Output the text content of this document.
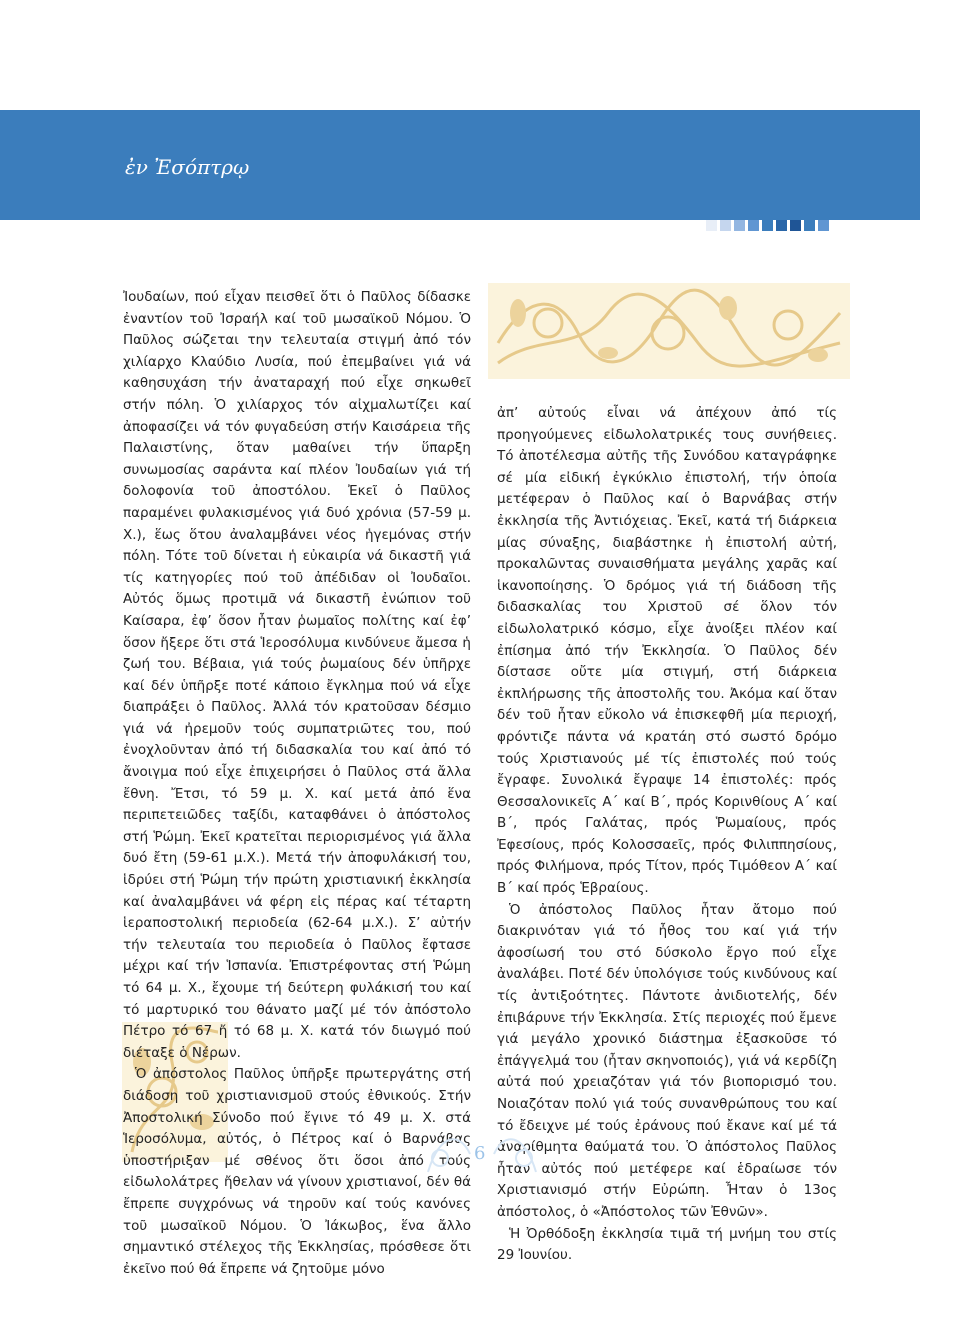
ἐν Ἐσόπτρῳ

Ἰουδαίων, πού εἶχαν πεισθεῖ ὅτι ὁ Παῦλος δίδασκε ἐναντίον τοῦ Ἰσραήλ καί τοῦ μωσαϊκοῦ Νόμου. Ὁ Παῦλος σώζεται την τελευταία στιγμή ἀπό τόν χιλίαρχο Κλαύδιο Λυσία, πού ἐπεμβαίνει γιά νά καθησυχάση τήν ἀναταραχή πού εἶχε σηκωθεῖ στήν πόλη. Ὁ χιλίαρχος τόν αἰχμαλωτίζει καί ἀποφασίζει νά τόν φυγαδεύση στήν Καισάρεια τῆς Παλαιστίνης, ὅταν μαθαίνει τήν ὕπαρξη συνωμοσίας σαράντα καί πλέον Ἰουδαίων γιά τή δολοφονία τοῦ ἀποστόλου. Ἐκεῖ ὁ Παῦλος παραμένει φυλακισμένος γιά δυό χρόνια (57-59 μ. Χ.), ἕως ὅτου ἀναλαμβάνει νέος ἡγεμόνας στήν πόλη. Τότε τοῦ δίνεται ἡ εὐκαιρία νά δικαστῆ γιά τίς κατηγορίες πού τοῦ ἀπέδιδαν οἱ Ἰουδαῖοι. Αὐτός ὅμως προτιμᾶ νά δικαστῆ ἐνώπιον τοῦ Καίσαρα, ἐφ’ ὅσον ἦταν ῥωμαῖος πολίτης καί ἐφ’ ὅσον ἤξερε ὅτι στά Ἱεροσόλυμα κινδύνευε ἄμεσα ἡ ζωή του. Βέβαια, γιά τούς ῥωμαίους δέν ὑπῆρχε καί δέν ὑπῆρξε ποτέ κάποιο ἔγκλημα πού νά εἶχε διαπράξει ὁ Παῦλος. Ἀλλά τόν κρατοῦσαν δέσμιο γιά νά ἠρεμοῦν τούς συμπατριῶτες του, πού ἐνοχλοῦνταν ἀπό τή διδασκαλία του καί ἀπό τό ἄνοιγμα πού εἶχε ἐπιχειρήσει ὁ Παῦλος στά ἄλλα ἔθνη. Ἔτσι, τό 59 μ. Χ. καί μετά ἀπό ἕνα περιπετειῶδες ταξίδι, καταφθάνει ὁ ἀπόστολος στή Ῥώμη. Ἐκεῖ κρατεῖται περιορισμένος γιά ἄλλα δυό ἔτη (59-61 μ.Χ.). Μετά τήν ἀποφυλάκισή του, ἱδρύει στή Ῥώμη τήν πρώτη χριστιανική ἐκκλησία καί ἀναλαμβάνει νά φέρη εἰς πέρας καί τέταρτη ἱεραποστολική περιοδεία (62-64 μ.Χ.). Σ’ αὐτήν τήν τελευταία του περιοδεία ὁ Παῦλος ἔφτασε μέχρι καί τήν Ἱσπανία. Ἐπιστρέφοντας στή Ῥώμη τό 64 μ. Χ., ἔχουμε τή δεύτερη φυλάκισή του καί τό μαρτυρικό του θάνατο μαζί μέ τόν ἀπόστολο Πέτρο τό 67 ἤ τό 68 μ. Χ. κατά τόν διωγμό πού διέταξε ὁ Νέρων.

Ὁ ἀπόστολος Παῦλος ὑπῆρξε πρωτεργάτης στή διάδοση τοῦ χριστιανισμοῦ στούς ἐθνικούς. Στήν Ἀποστολική Σύνοδο πού ἔγινε τό 49 μ. Χ. στά Ἱεροσόλυμα, αὐτός, ὁ Πέτρος καί ὁ Βαρνάβας ὑποστήριξαν μέ σθένος ὅτι ὅσοι ἀπό τούς εἰδωλολάτρες ἤθελαν νά γίνουν χριστιανοί, δέν θά ἔπρεπε συγχρόνως νά τηροῦν καί τούς κανόνες τοῦ μωσαϊκοῦ Νόμου. Ὁ Ἰάκωβος, ἕνα ἄλλο σημαντικό στέλεχος τῆς Ἐκκλησίας, πρόσθεσε ὅτι ἐκεῖνο πού θά ἔπρεπε νά ζητοῦμε μόνο

ἀπ’ αὐτούς εἶναι νά ἀπέχουν ἀπό τίς προηγούμενες εἰδωλολατρικές τους συνήθειες. Τό ἀποτέλεσμα αὐτῆς τῆς Συνόδου καταγράφηκε σέ μία εἰδική ἐγκύκλιο ἐπιστολή, τήν ὁποία μετέφεραν ὁ Παῦλος καί ὁ Βαρνάβας στήν ἐκκλησία τῆς Ἀντιόχειας. Ἐκεῖ, κατά τή διάρκεια μίας σύναξης, διαβάστηκε ἡ ἐπιστολή αὐτή, προκαλῶντας συναισθήματα μεγάλης χαρᾶς καί ἱκανοποίησης. Ὁ δρόμος γιά τή διάδοση τῆς διδασκαλίας του Χριστοῦ σέ ὅλον τόν εἰδωλολατρικό κόσμο, εἶχε ἀνοίξει πλέον καί ἐπίσημα ἀπό τήν Ἐκκλησία. Ὁ Παῦλος δέν δίστασε οὔτε μία στιγμή, στή διάρκεια ἐκπλήρωσης τῆς ἀποστολῆς του. Ἀκόμα καί ὅταν δέν τοῦ ἦταν εὔκολο νά ἐπισκεφθῆ μία περιοχή, φρόντιζε πάντα νά κρατάη στό σωστό δρόμο τούς Χριστιανούς μέ τίς ἐπιστολές πού τούς ἔγραφε. Συνολικά ἔγραψε 14 ἐπιστολές: πρός Θεσσαλονικεῖς Α΄ καί Β΄, πρός Κορινθίους Α΄ καί Β΄, πρός Γαλάτας, πρός Ῥωμαίους, πρός Ἐφεσίους, πρός Κολοσσαεῖς, πρός Φιλιππησίους, πρός Φιλήμονα, πρός Τίτον, πρός Τιμόθεον Α΄ καί Β΄ καί πρός Ἑβραίους.

Ὁ ἀπόστολος Παῦλος ἦταν ἄτομο πού διακρινόταν γιά τό ἦθος του καί γιά τήν ἀφοσίωσή του στό δύσκολο ἔργο πού εἶχε ἀναλάβει. Ποτέ δέν ὑπολόγισε τούς κινδύνους καί τίς ἀντιξοότητες. Πάντοτε ἀνιδιοτελής, δέν ἐπιβάρυνε τήν Ἐκκλησία. Στίς περιοχές πού ἔμενε γιά μεγάλο χρονικό διάστημα ἐξασκοῦσε τό ἐπάγγελμά του (ἦταν σκηνοποιός), γιά νά κερδίζη αὐτά πού χρειαζόταν γιά τόν βιοπορισμό του. Νοιαζόταν πολύ γιά τούς συνανθρώπους του καί τό ἔδειχνε μέ τούς ἐράνους πού ἔκανε καί μέ τά ἀναρίθμητα θαύματά του. Ὁ ἀπόστολος Παῦλος ἦταν αὐτός πού μετέφερε καί ἑδραίωσε τόν Χριστιανισμό στήν Εὐρώπη. Ἦταν ὁ 13ος ἀπόστολος, ὁ «Ἀπόστολος τῶν Ἐθνῶν».

Ἡ Ὀρθόδοξη ἐκκλησία τιμᾶ τή μνήμη του στίς 29 Ἰουνίου.

6
